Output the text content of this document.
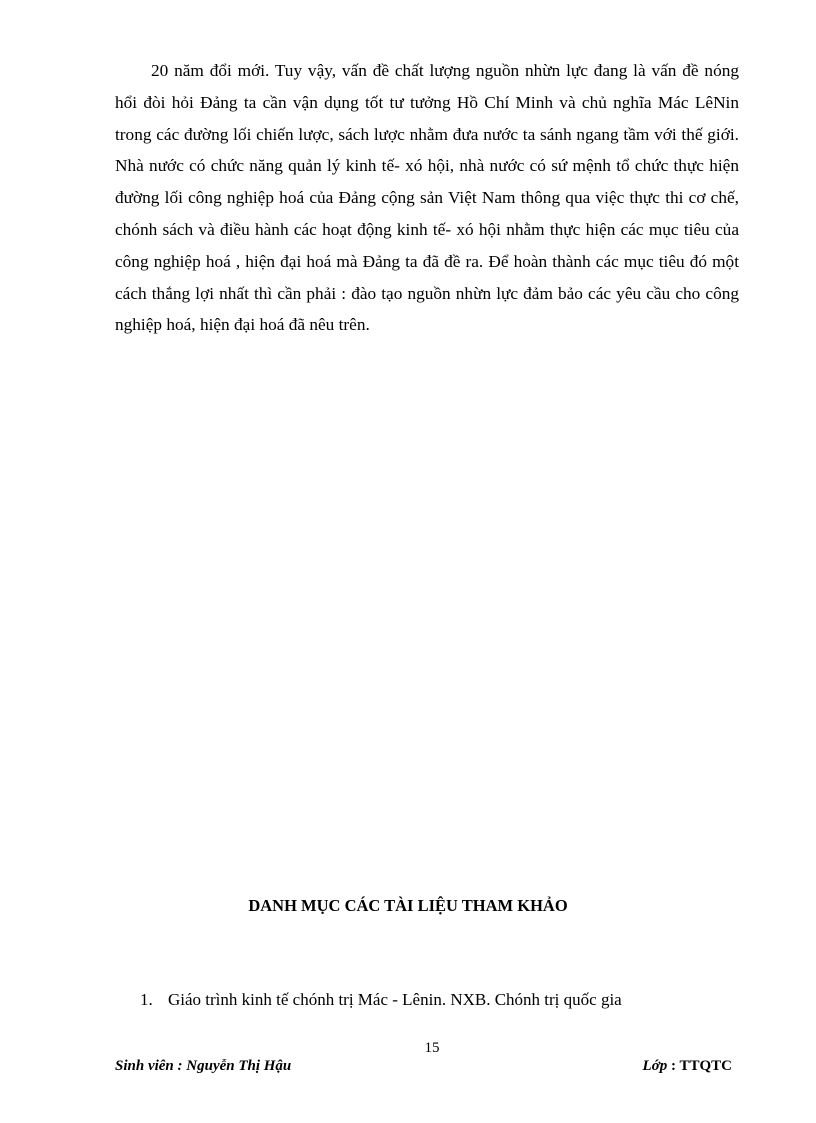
20 năm đổi mới. Tuy vậy, vấn đề chất lượng nguồn nhừn lực đang là vấn đề nóng hổi đòi hỏi Đảng ta cần vận dụng tốt tư tưởng Hồ Chí Minh và chủ nghĩa Mác LêNin trong các đường lối chiến lược, sách lược nhằm đưa nước ta sánh ngang tầm với thế giới. Nhà nước có chức năng quản lý kinh tế- xó hội, nhà nước có sứ mệnh tổ chức thực hiện đường lối công nghiệp hoá của Đảng cộng sản Việt Nam thông qua việc thực thi cơ chế, chónh sách và điều hành các hoạt động kinh tế- xó hội nhằm thực hiện các mục tiêu của công nghiệp hoá , hiện đại hoá mà Đảng ta đã đề ra. Để hoàn thành các mục tiêu đó một cách thắng lợi nhất thì cần phải : đào tạo nguồn nhừn lực đảm bảo các yêu cầu cho công nghiệp hoá, hiện đại hoá đã nêu trên.

DANH MỤC CÁC TÀI LIỆU THAM KHẢO
1. Giáo trình kinh tế chónh trị Mác - Lênin. NXB. Chónh trị quốc gia
15
Sinh viên : Nguyễn Thị Hậu	Lớp : TTQTC
